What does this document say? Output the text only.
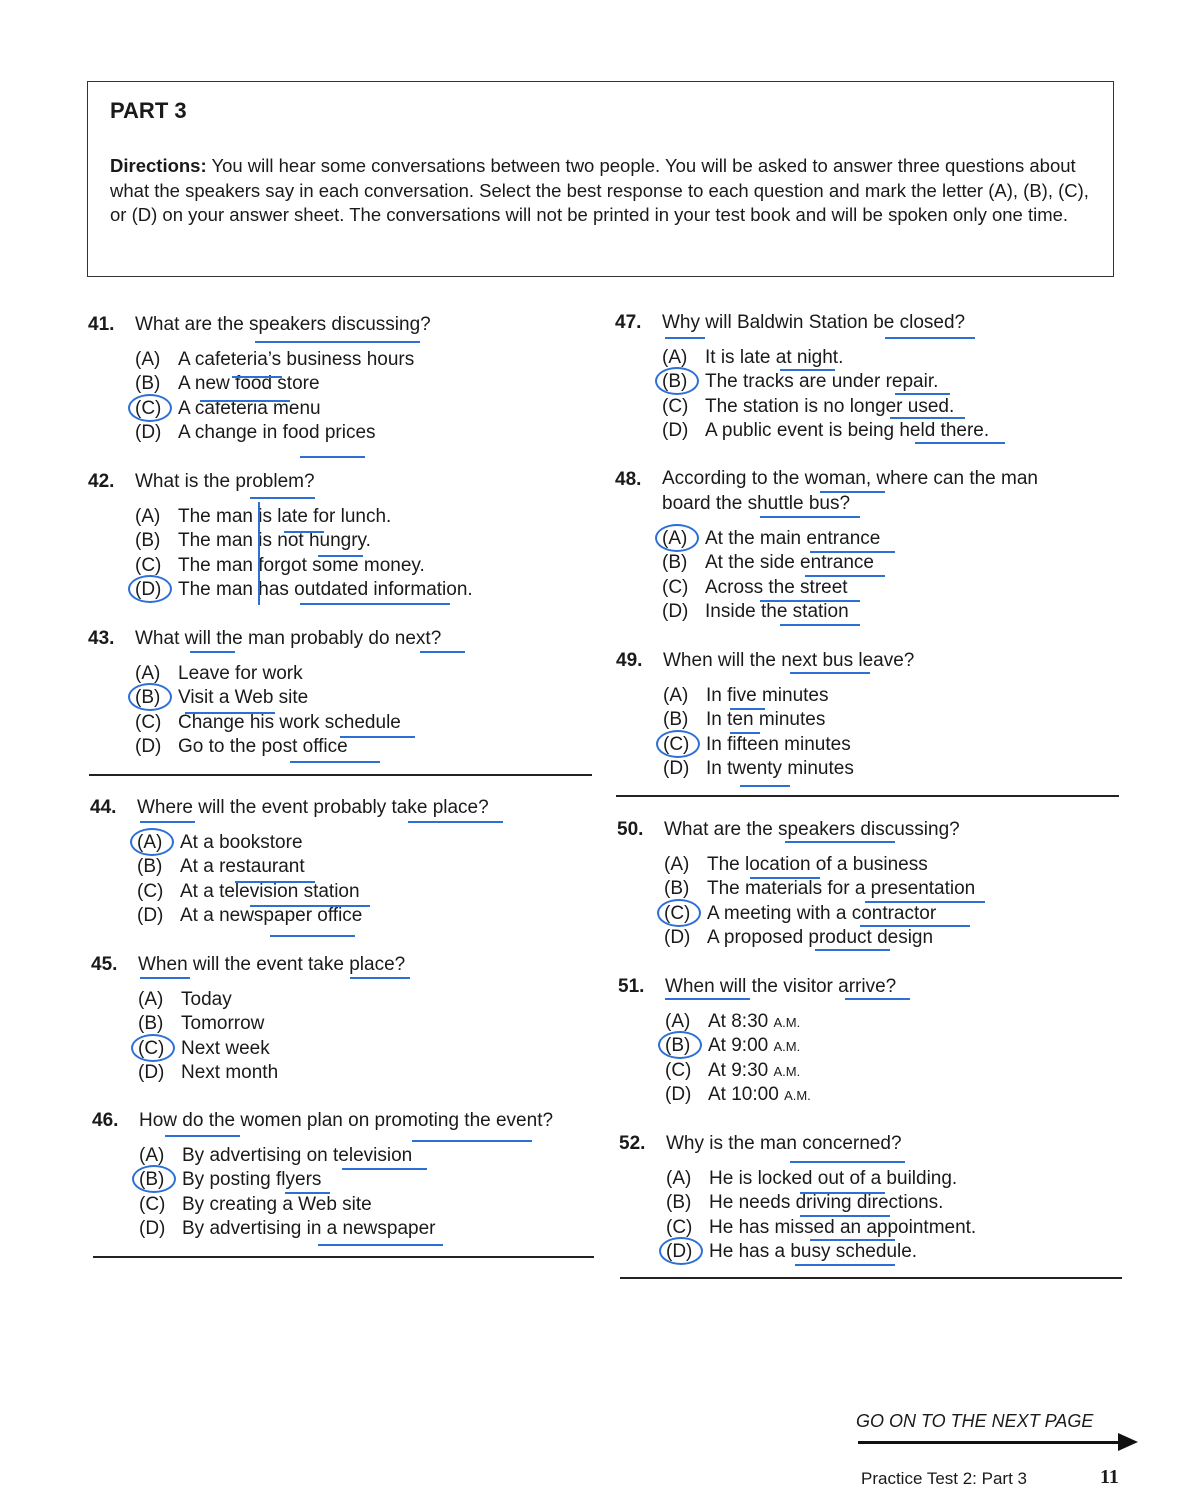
PART 3

Directions: You will hear some conversations between two people. You will be asked to answer three questions about what the speakers say in each conversation. Select the best response to each question and mark the letter (A), (B), (C), or (D) on your answer sheet. The conversations will not be printed in your test book and will be spoken only one time.

41. What are the speakers discussing?
(A) A cafeteria’s business hours
(B) A new food store
(C) A cafeteria menu
(D) A change in food prices
42. What is the problem?
(A) The man is late for lunch.
(B) The man is not hungry.
(C) The man forgot some money.
(D) The man has outdated information.
43. What will the man probably do next?
(A) Leave for work
(B) Visit a Web site
(C) Change his work schedule
(D) Go to the post office
44. Where will the event probably take place?
(A) At a bookstore
(B) At a restaurant
(C) At a television station
(D) At a newspaper office
45. When will the event take place?
(A) Today
(B) Tomorrow
(C) Next week
(D) Next month
46. How do the women plan on promoting the event?
(A) By advertising on television
(B) By posting flyers
(C) By creating a Web site
(D) By advertising in a newspaper
47. Why will Baldwin Station be closed?
(A) It is late at night.
(B) The tracks are under repair.
(C) The station is no longer used.
(D) A public event is being held there.
48. According to the woman, where can the man board the shuttle bus?
(A) At the main entrance
(B) At the side entrance
(C) Across the street
(D) Inside the station
49. When will the next bus leave?
(A) In five minutes
(B) In ten minutes
(C) In fifteen minutes
(D) In twenty minutes
50. What are the speakers discussing?
(A) The location of a business
(B) The materials for a presentation
(C) A meeting with a contractor
(D) A proposed product design
51. When will the visitor arrive?
(A) At 8:30 A.M.
(B) At 9:00 A.M.
(C) At 9:30 A.M.
(D) At 10:00 A.M.
52. Why is the man concerned?
(A) He is locked out of a building.
(B) He needs driving directions.
(C) He has missed an appointment.
(D) He has a busy schedule.
GO ON TO THE NEXT PAGE
Practice Test 2: Part 3	11
